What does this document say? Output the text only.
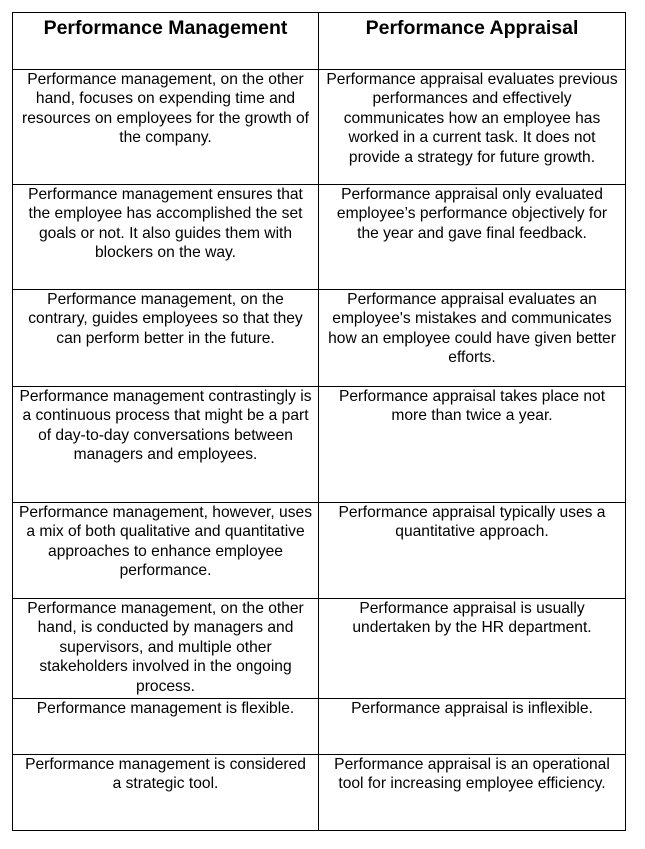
Performance Management	Performance Appraisal
Performance management, on the other hand, focuses on expending time and resources on employees for the growth of the company.	Performance appraisal evaluates previous performances and effectively communicates how an employee has worked in a current task. It does not provide a strategy for future growth.
Performance management ensures that the employee has accomplished the set goals or not. It also guides them with blockers on the way.	Performance appraisal only evaluated employee’s performance objectively for the year and gave final feedback.
Performance management, on the contrary, guides employees so that they can perform better in the future.	Performance appraisal evaluates an employee's mistakes and communicates how an employee could have given better efforts.
Performance management contrastingly is a continuous process that might be a part of day-to-day conversations between managers and employees.	Performance appraisal takes place not more than twice a year.
Performance management, however, uses a mix of both qualitative and quantitative approaches to enhance employee performance.	Performance appraisal typically uses a quantitative approach.
Performance management, on the other hand, is conducted by managers and supervisors, and multiple other stakeholders involved in the ongoing process.	Performance appraisal is usually undertaken by the HR department.
Performance management is flexible.	Performance appraisal is inflexible.
Performance management is considered a strategic tool.	Performance appraisal is an operational tool for increasing employee efficiency.
